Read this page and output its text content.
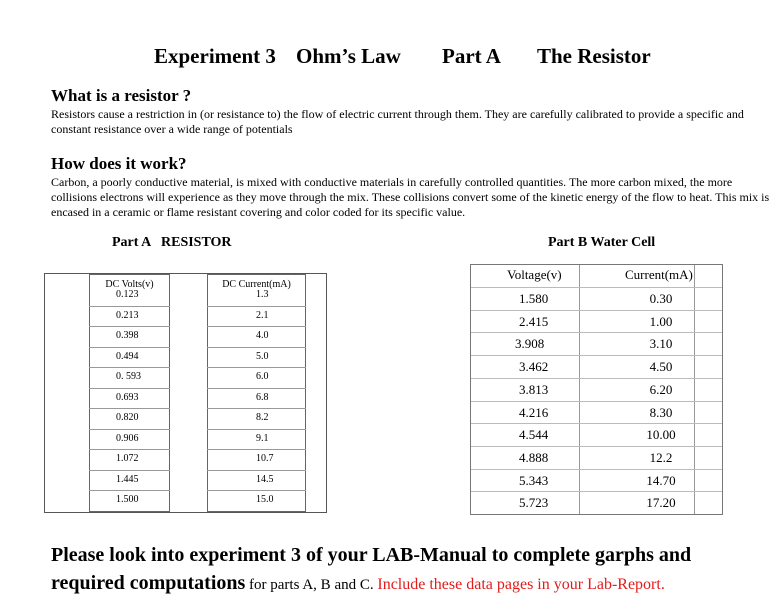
Experiment 3 Ohm’s Law Part A The Resistor
What is a resistor ?
Resistors cause a restriction in (or resistance to) the flow of electric current through them. They are carefully calibrated to provide a specific and constant resistance over a wide range of potentials
How does it work?
Carbon, a poorly conductive material, is mixed with conductive materials in carefully controlled quantities. The more carbon mixed, the more collisions electrons will experience as they move through the mix. These collisions convert some of the kinetic energy of the flow to heat. This mix is encased in a ceramic or flame resistant covering and color coded for its specific value.
Part A   RESISTOR	Part B Water Cell
DC Volts(v)	DC Current(mA)
0.123	1.3
0.213	2.1
0.398	4.0
0.494	5.0
0. 593	6.0
0.693	6.8
0.820	8.2
0.906	9.1
1.072	10.7
1.445	14.5
1.500	15.0
Voltage(v)	Current(mA)
1.580	0.30
2.415	1.00
3.908	3.10
3.462	4.50
3.813	6.20
4.216	8.30
4.544	10.00
4.888	12.2
5.343	14.70
5.723	17.20
Please look into experiment 3 of your LAB-Manual to complete garphs and
required computations for parts A, B and C. Include these data pages in your Lab-Report.
